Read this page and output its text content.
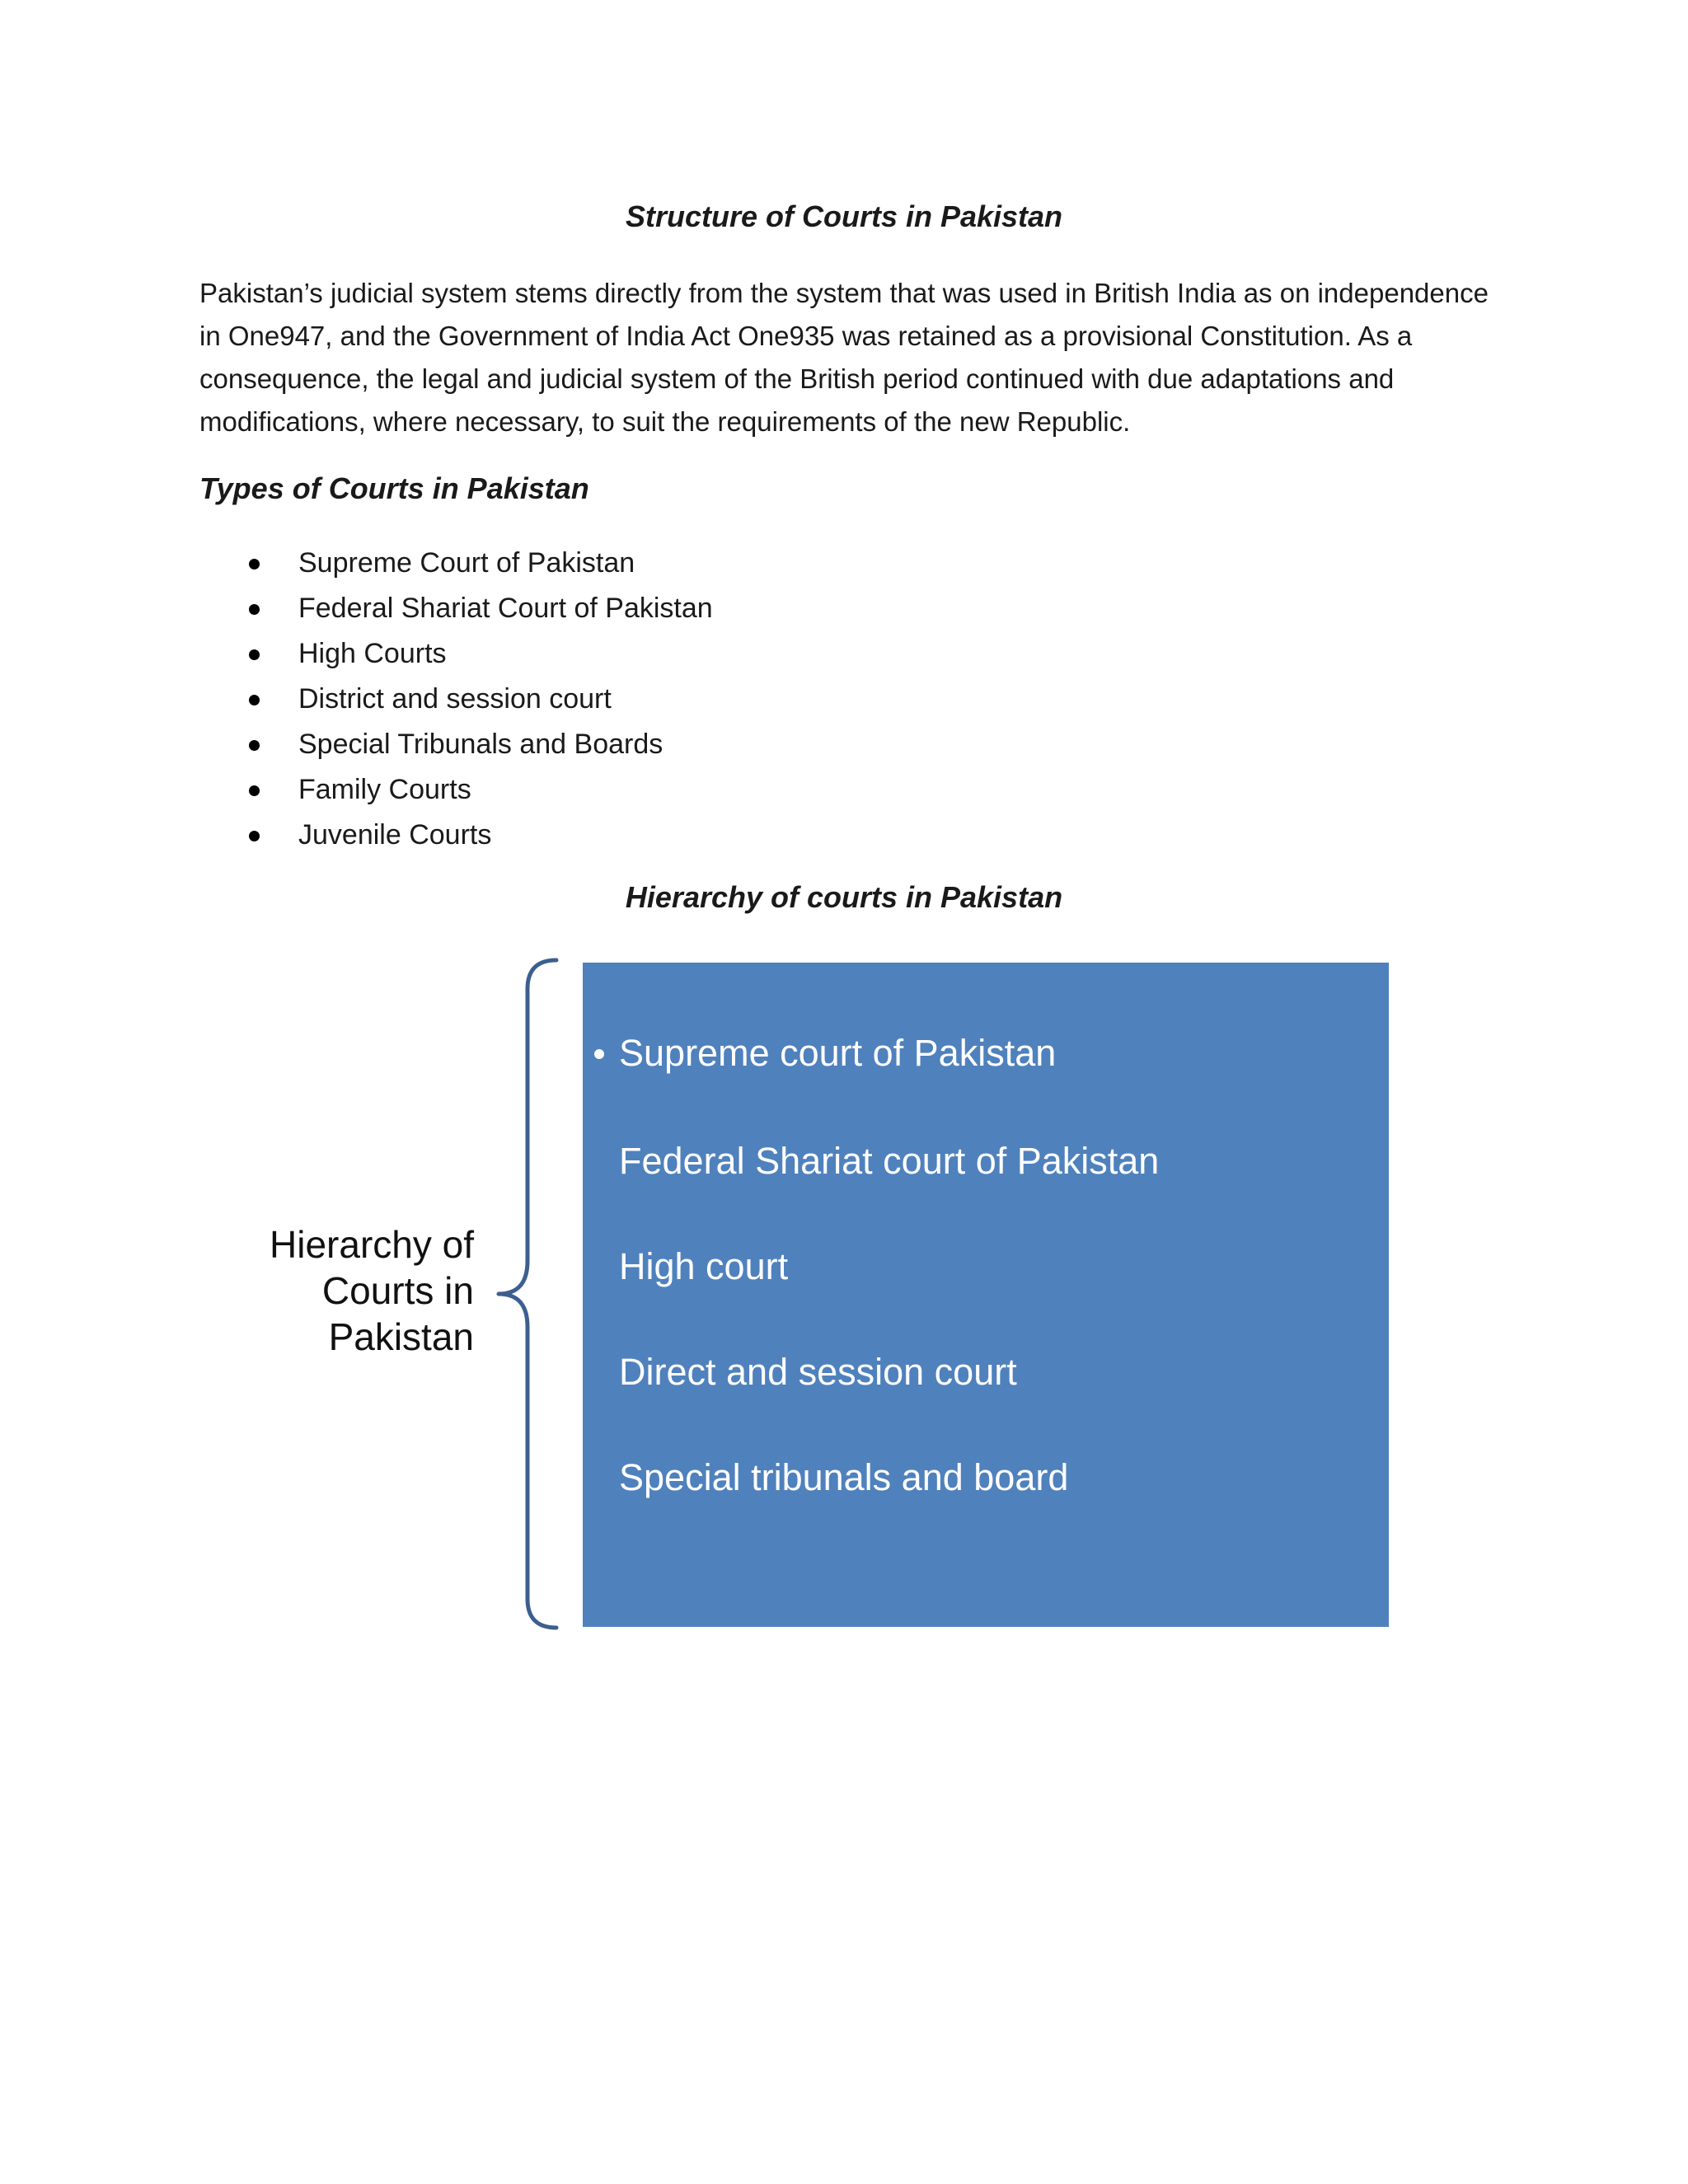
Structure of Courts in Pakistan

Pakistan’s judicial system stems directly from the system that was used in British India as on independence in One947, and the Government of India Act One935 was retained as a provisional Constitution. As a consequence, the legal and judicial system of the British period continued with due adaptations and modifications, where necessary, to suit the requirements of the new Republic.

Types of Courts in Pakistan
Supreme Court of Pakistan
Federal Shariat Court of Pakistan
High Courts
District and session court
Special Tribunals and Boards
Family Courts
Juvenile Courts
Hierarchy of courts in Pakistan

Hierarchy of Courts in Pakistan

Supreme court of Pakistan
Federal Shariat court of Pakistan
High court
Direct and session court
Special tribunals and board
